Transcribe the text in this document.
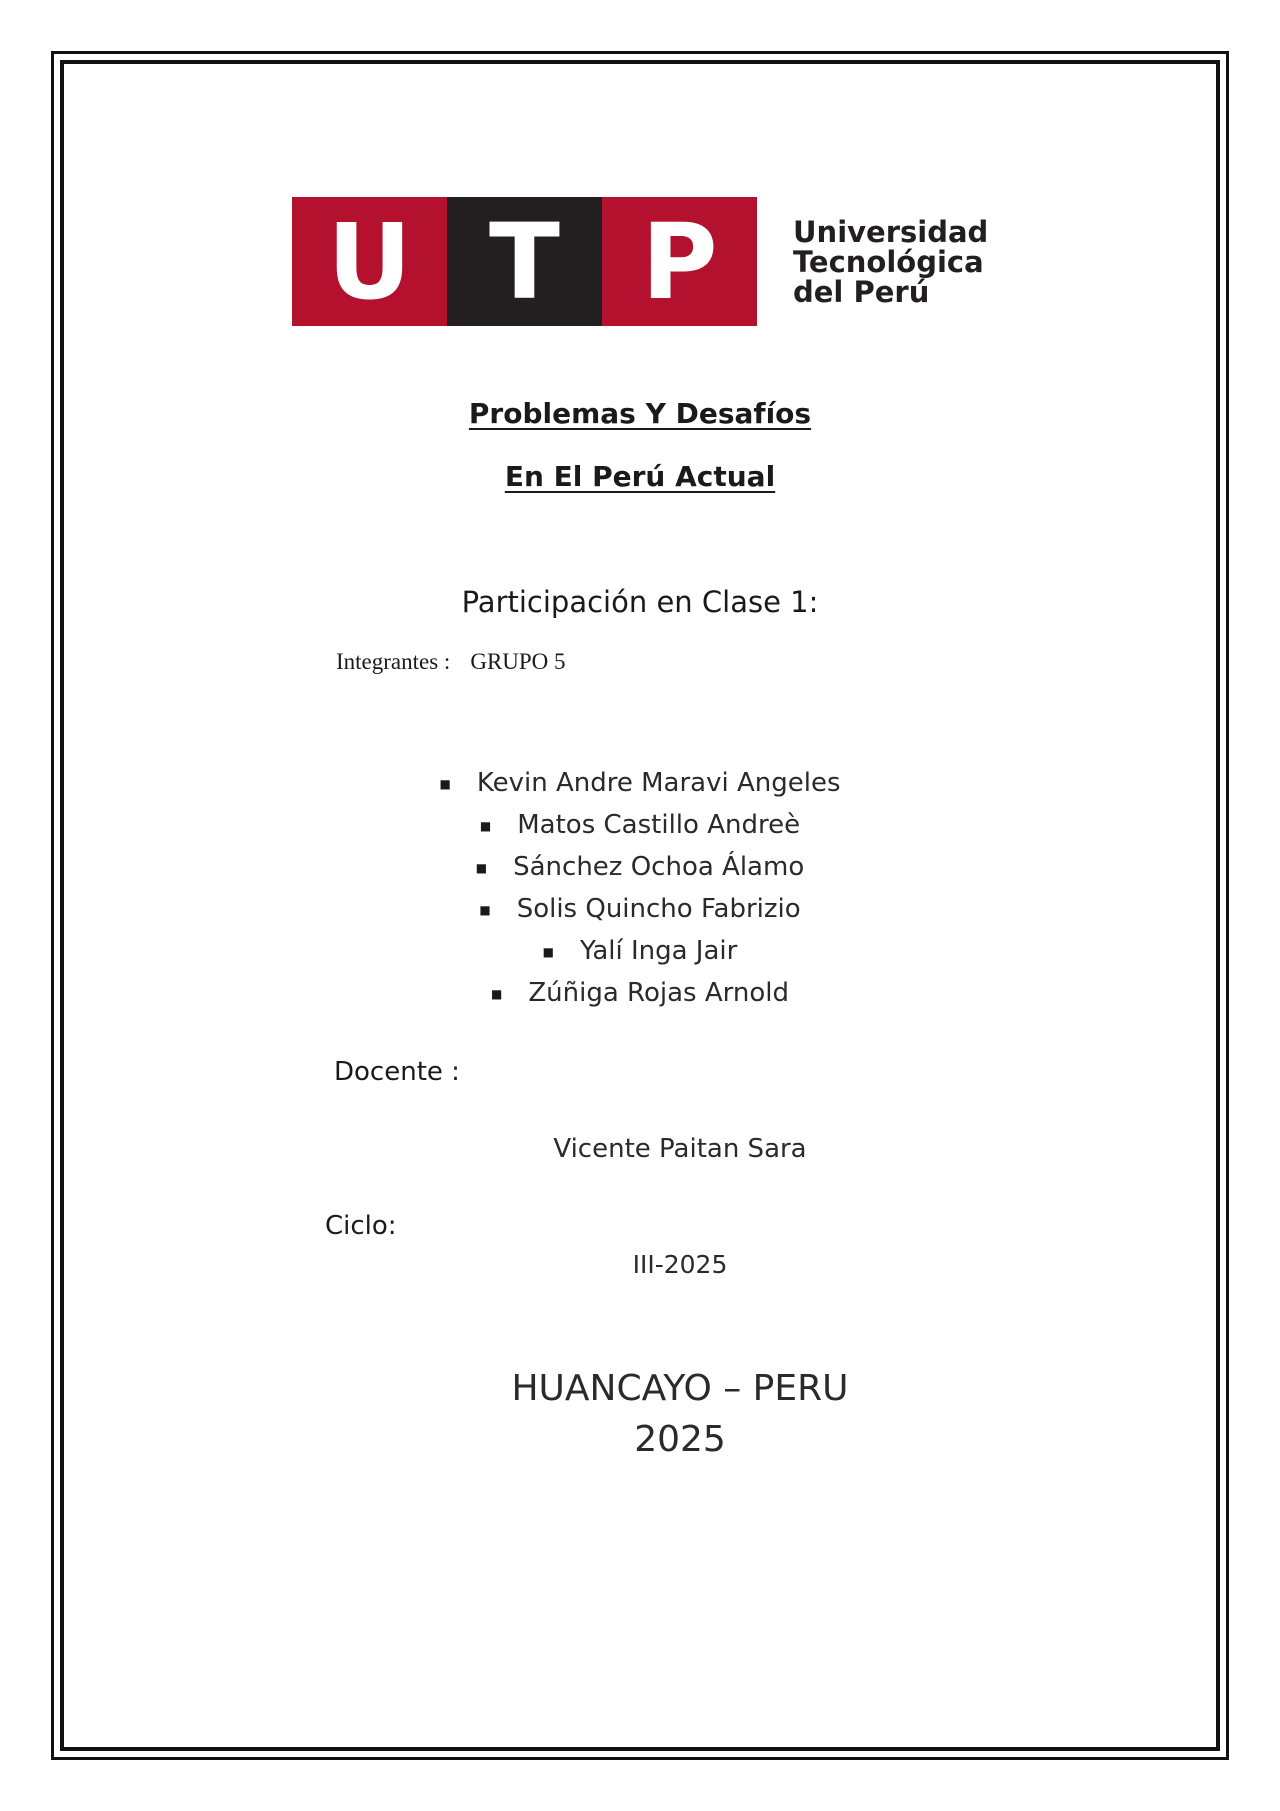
U T P	Universidad
Tecnológica
del Perú
Problemas Y Desafíos
En El Perú Actual
Participación en Clase 1:
Integrantes : GRUPO 5
■ Kevin Andre Maravi Angeles
■ Matos Castillo Andreè
■ Sánchez Ochoa Álamo
■ Solis Quincho Fabrizio
■ Yalí Inga Jair
■ Zúñiga Rojas Arnold
Docente :
Vicente Paitan Sara
Ciclo:
III-2025
HUANCAYO – PERU
2025
